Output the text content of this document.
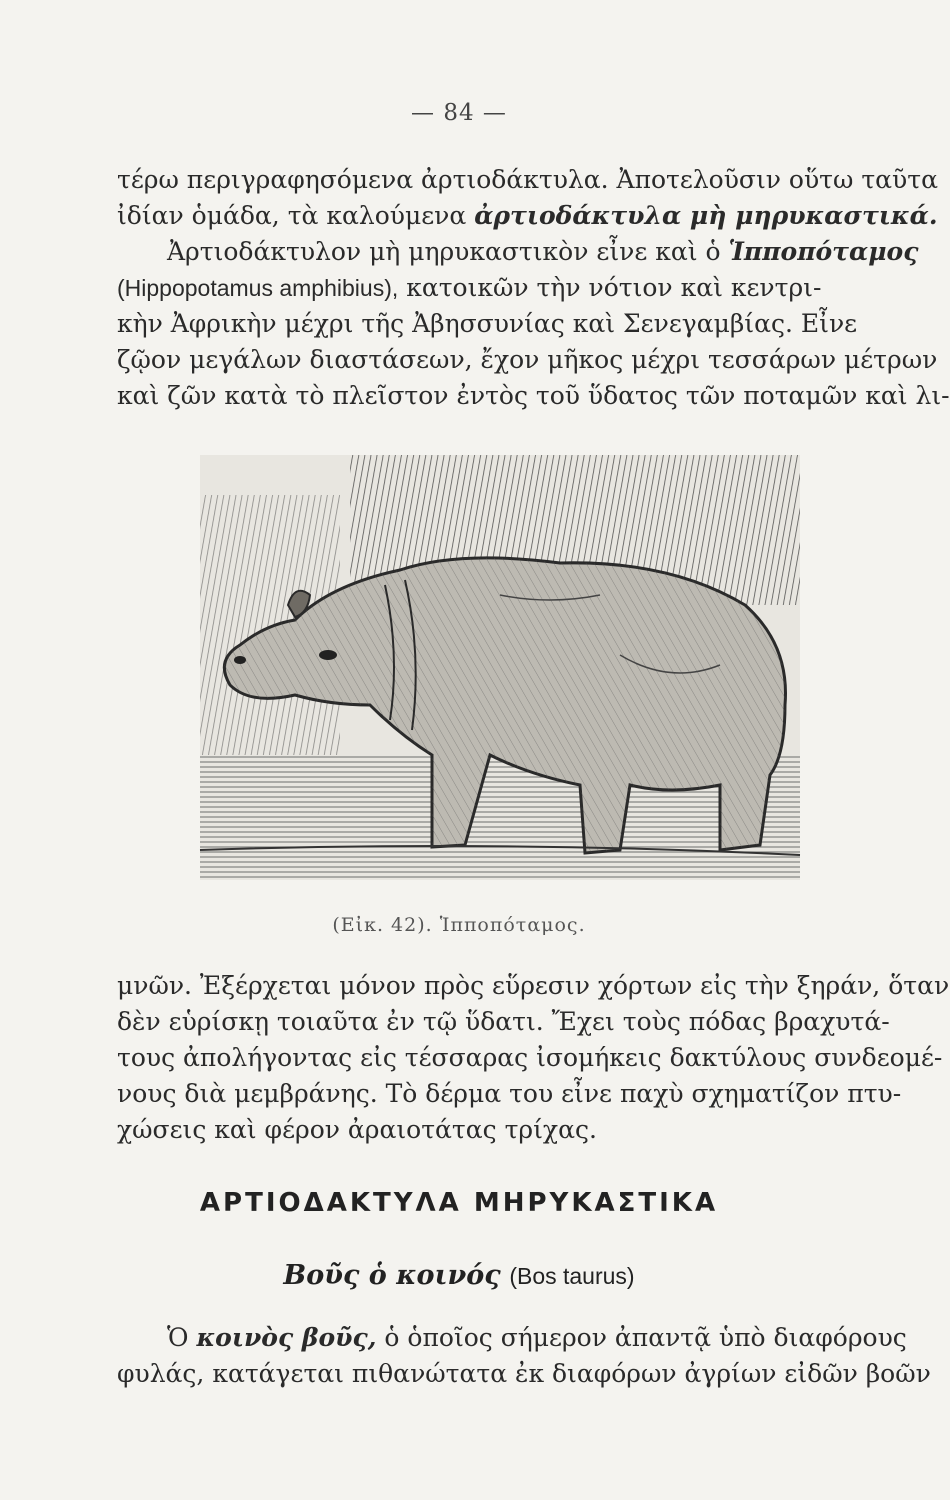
— 84 —
τέρω περιγραφησόμενα ἀρτιοδάκτυλα. Ἀποτελοῦσιν οὕτω ταῦτα
ἰδίαν ὁμάδα, τὰ καλούμενα ἀρτιοδάκτυλα μὴ μηρυκαστικά.
Ἀρτιοδάκτυλον μὴ μηρυκαστικὸν εἶνε καὶ ὁ Ἱπποπόταμος
(Hippopotamus amphibius), κατοικῶν τὴν νότιον καὶ κεντρι-
κὴν Ἀφρικὴν μέχρι τῆς Ἀβησσυνίας καὶ Σενεγαμβίας. Εἶνε
ζῷον μεγάλων διαστάσεων, ἔχον μῆκος μέχρι τεσσάρων μέτρων
καὶ ζῶν κατὰ τὸ πλεῖστον ἐντὸς τοῦ ὕδατος τῶν ποταμῶν καὶ λι-
(Εἰκ. 42). Ἱπποπόταμος.
μνῶν. Ἐξέρχεται μόνον πρὸς εὕρεσιν χόρτων εἰς τὴν ξηράν, ὅταν
δὲν εὑρίσκῃ τοιαῦτα ἐν τῷ ὕδατι. Ἔχει τοὺς πόδας βραχυτά-
τους ἀπολήγοντας εἰς τέσσαρας ἰσομήκεις δακτύλους συνδεομέ-
νους διὰ μεμβράνης. Τὸ δέρμα του εἶνε παχὺ σχηματίζον πτυ-
χώσεις καὶ φέρον ἀραιοτάτας τρίχας.
ΑΡΤΙΟΔΑΚΤΥΛΑ ΜΗΡΥΚΑΣΤΙΚΑ
Βοῦς ὁ κοινός (Bos taurus)
Ὁ κοινὸς βοῦς, ὁ ὁποῖος σήμερον ἀπαντᾷ ὑπὸ διαφόρους
φυλάς, κατάγεται πιθανώτατα ἐκ διαφόρων ἀγρίων εἰδῶν βοῶν
